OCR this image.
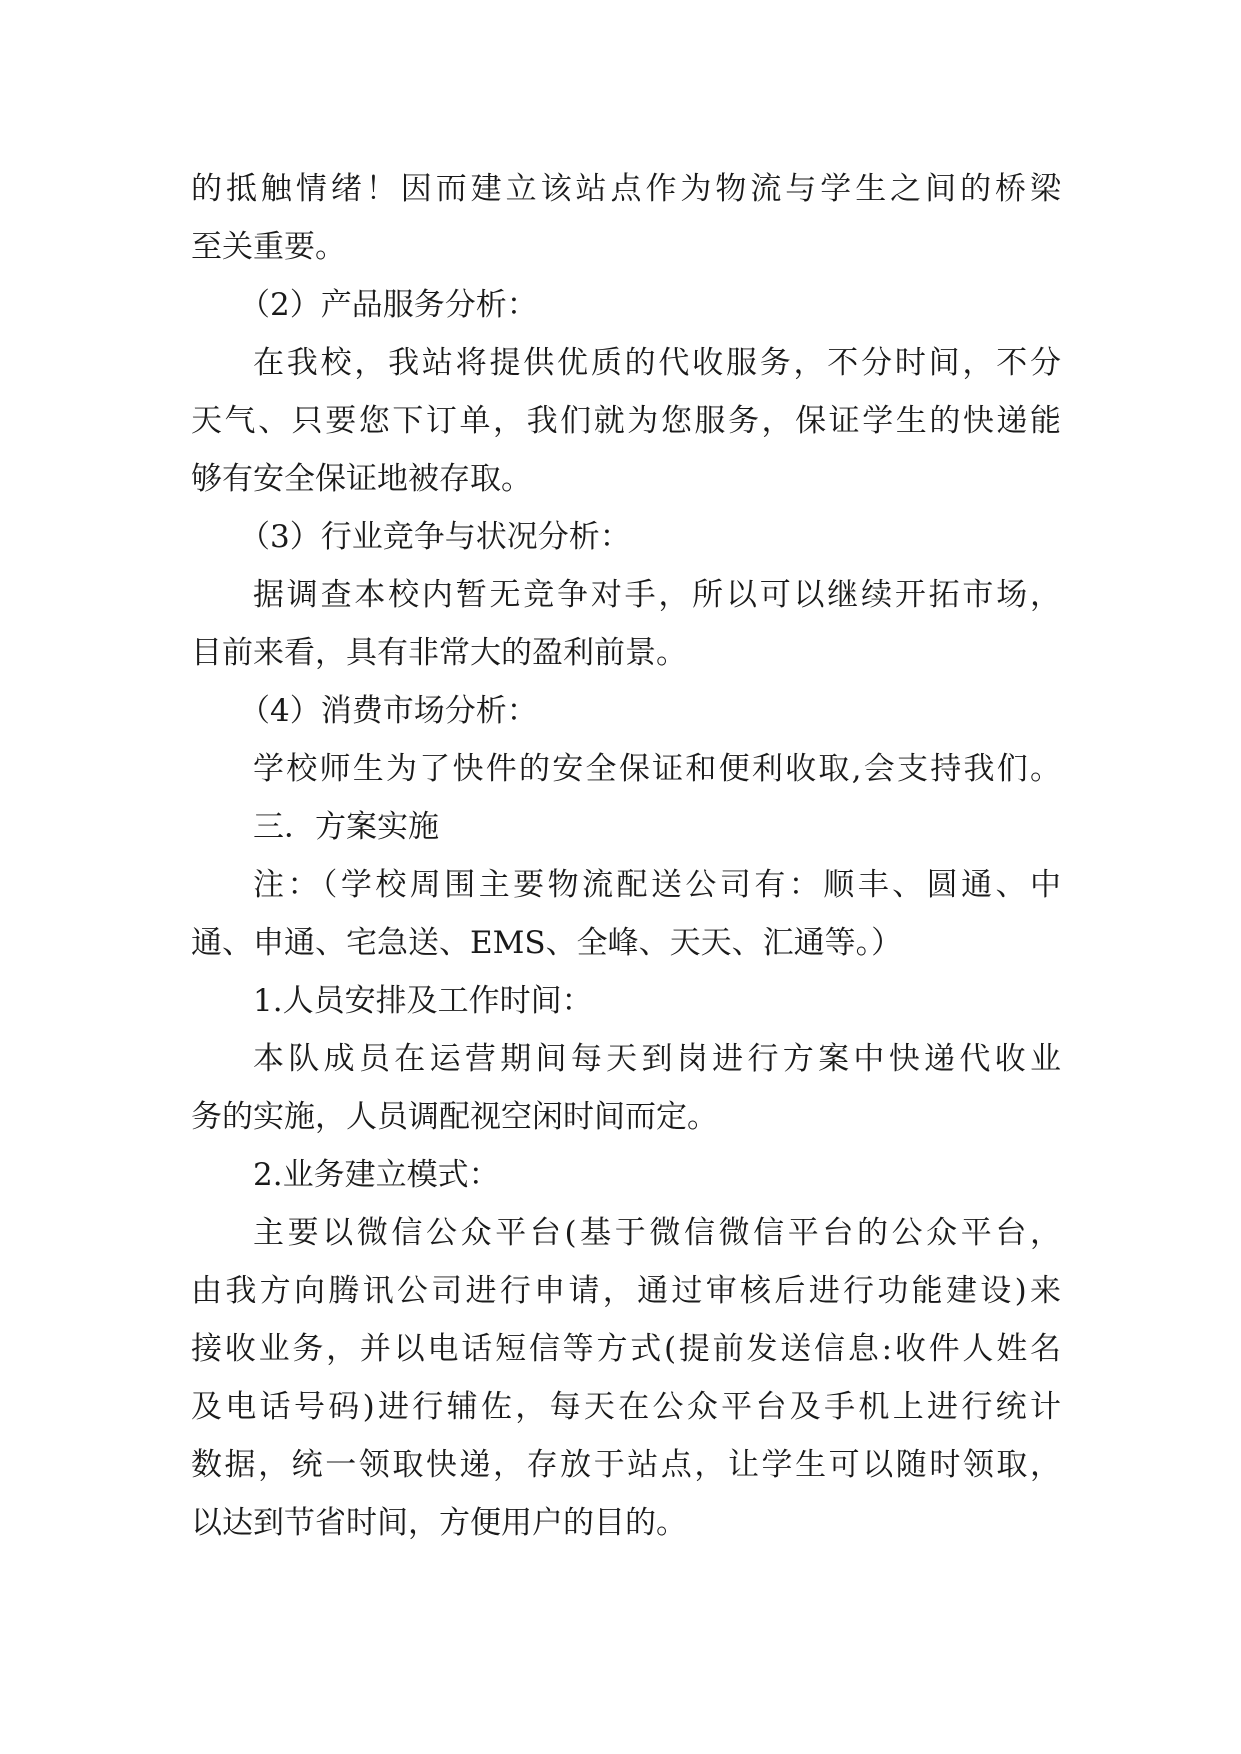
的抵触情绪！因而建立该站点作为物流与学生之间的桥梁
至关重要。
（2）产品服务分析：
在我校，我站将提供优质的代收服务，不分时间，不分
天气、只要您下订单，我们就为您服务，保证学生的快递能
够有安全保证地被存取。
（3）行业竞争与状况分析：
据调查本校内暂无竞争对手，所以可以继续开拓市场，
目前来看，具有非常大的盈利前景。
（4）消费市场分析：
学校师生为了快件的安全保证和便利收取,会支持我们。
三．方案实施
注：（学校周围主要物流配送公司有：顺丰、圆通、中
通、申通、宅急送、EMS、全峰、天天、汇通等。）
1.人员安排及工作时间：
本队成员在运营期间每天到岗进行方案中快递代收业
务的实施，人员调配视空闲时间而定。
2.业务建立模式：
主要以微信公众平台(基于微信微信平台的公众平台，
由我方向腾讯公司进行申请，通过审核后进行功能建设)来
接收业务，并以电话短信等方式(提前发送信息:收件人姓名
及电话号码)进行辅佐，每天在公众平台及手机上进行统计
数据，统一领取快递，存放于站点，让学生可以随时领取，
以达到节省时间，方便用户的目的。
